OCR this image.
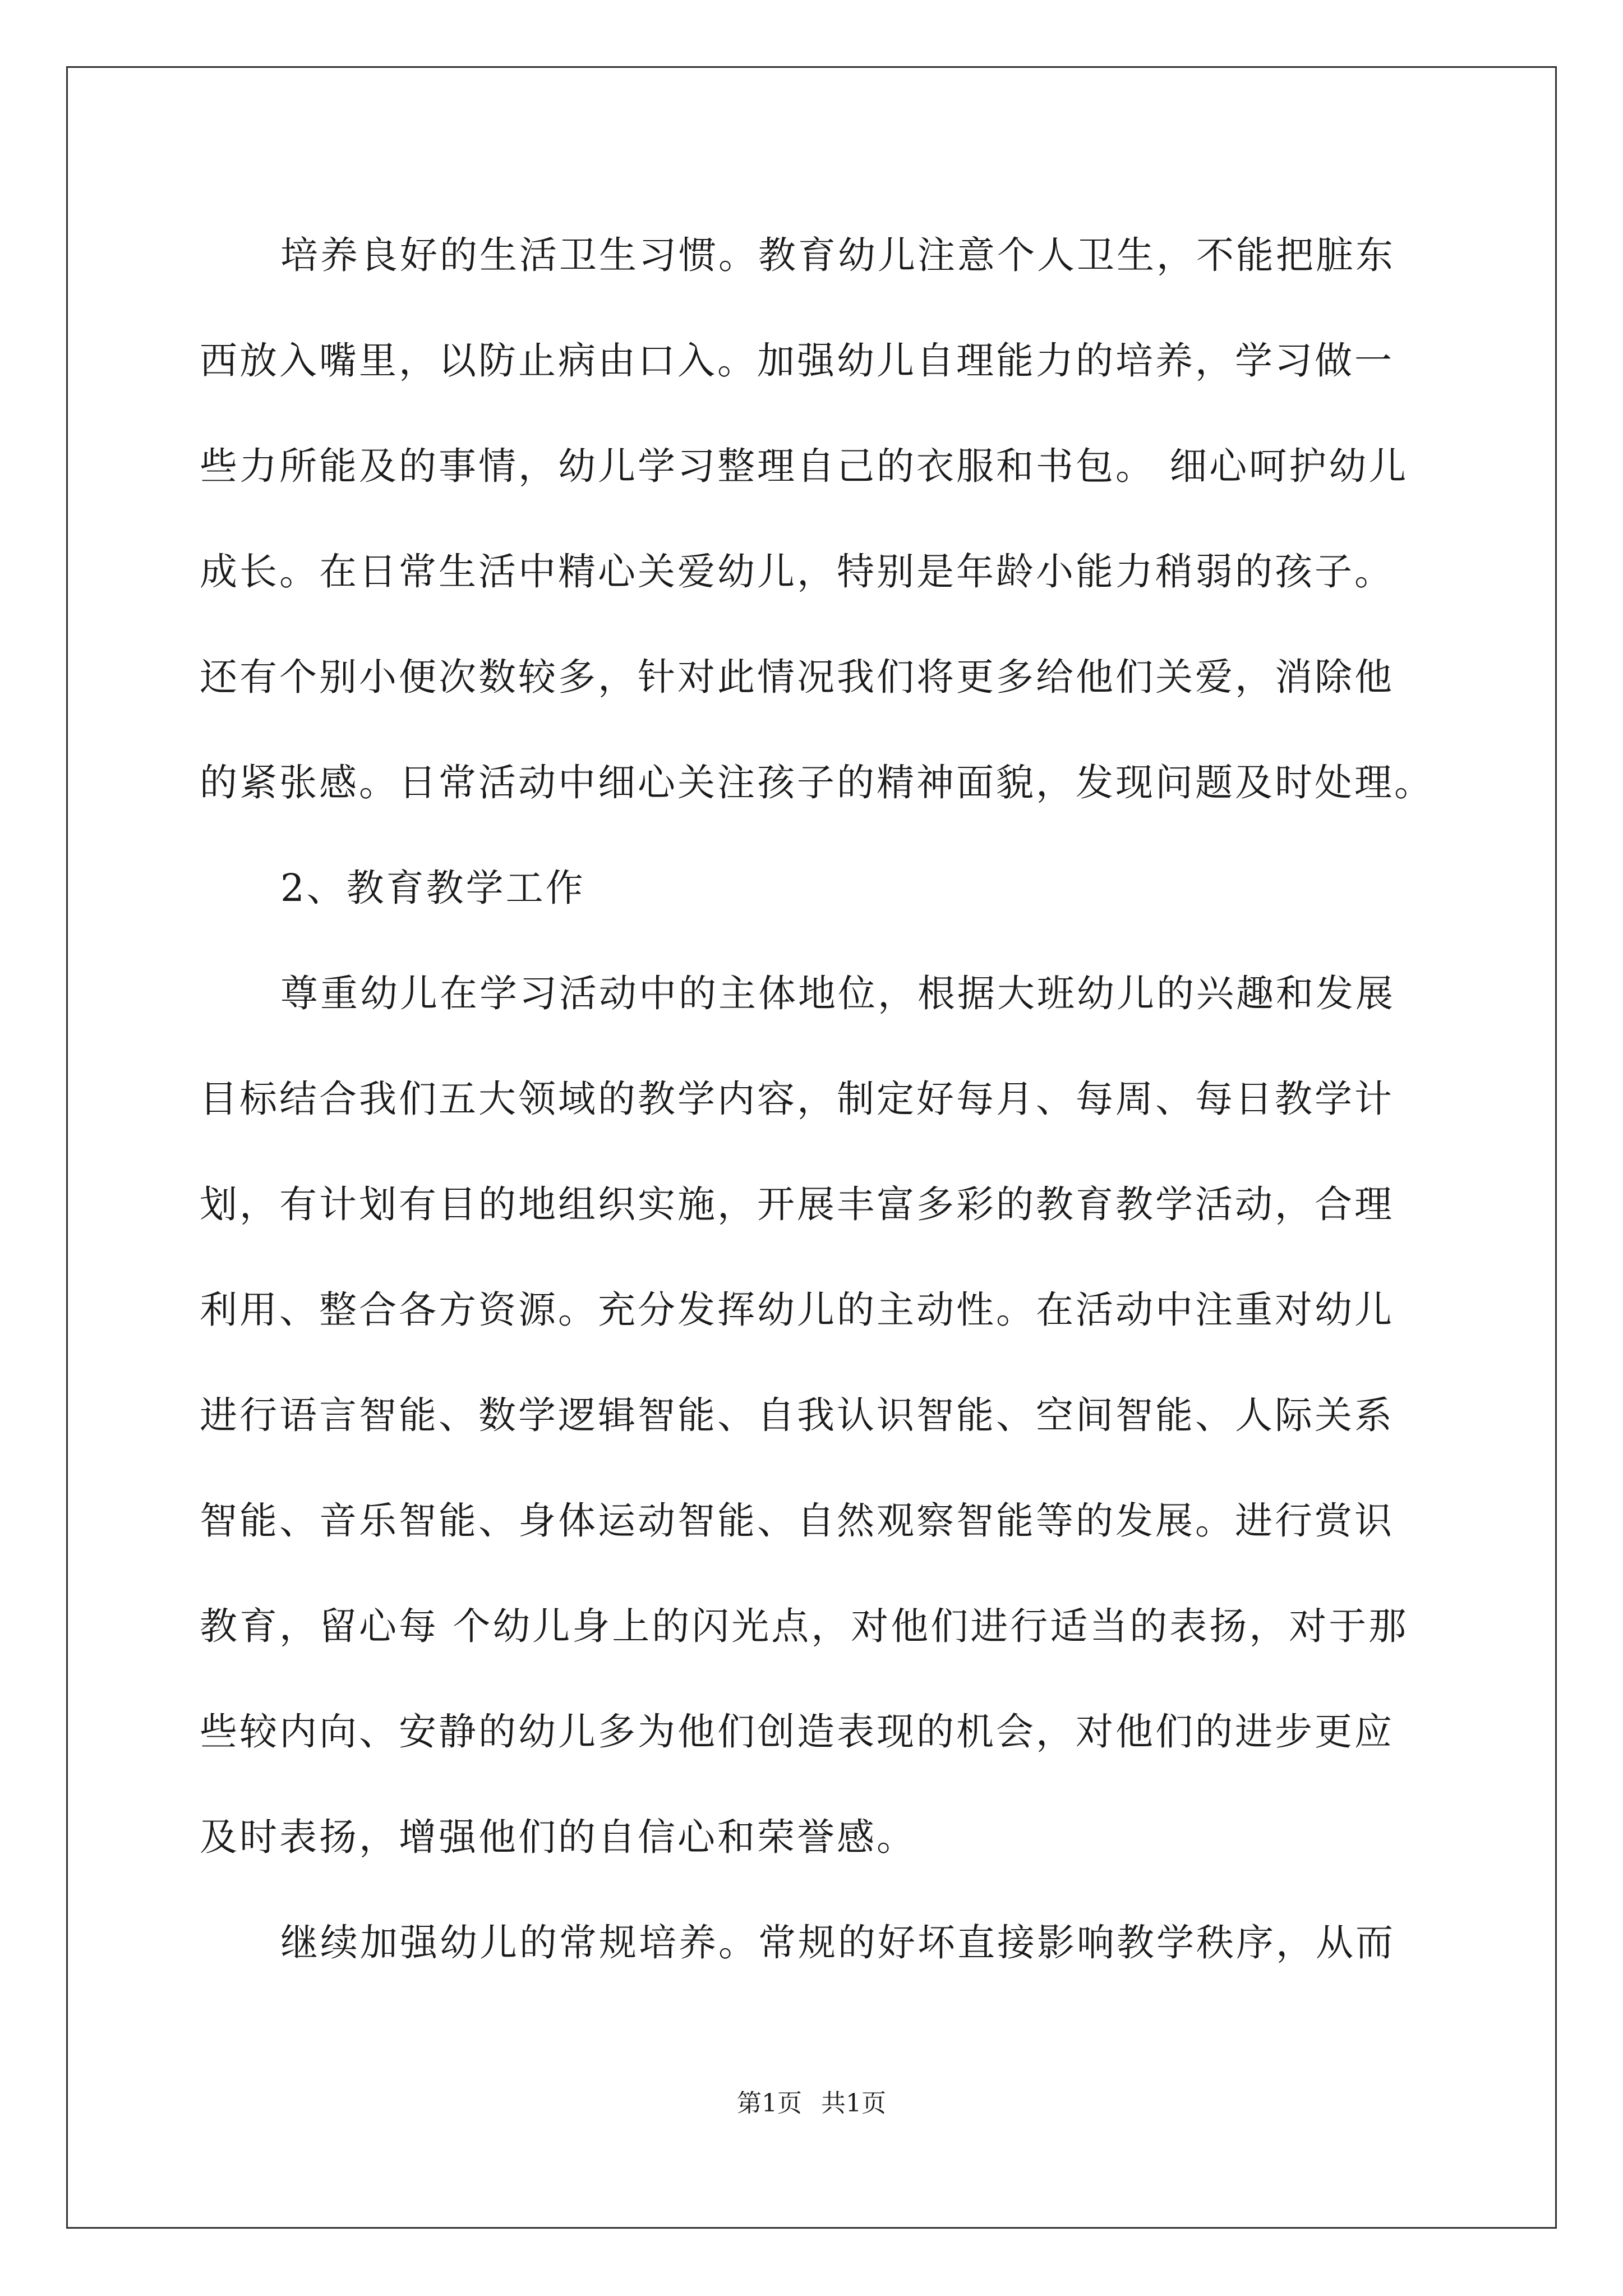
培养良好的生活卫生习惯。教育幼儿注意个人卫生，不能把脏东
西放入嘴里，以防止病由口入。加强幼儿自理能力的培养，学习做一
些力所能及的事情，幼儿学习整理自己的衣服和书包。 细心呵护幼儿
成长。在日常生活中精心关爱幼儿，特别是年龄小能力稍弱的孩子。
还有个别小便次数较多，针对此情况我们将更多给他们关爱，消除他
的紧张感。日常活动中细心关注孩子的精神面貌，发现问题及时处理。
2、教育教学工作
尊重幼儿在学习活动中的主体地位，根据大班幼儿的兴趣和发展
目标结合我们五大领域的教学内容，制定好每月、每周、每日教学计
划，有计划有目的地组织实施，开展丰富多彩的教育教学活动，合理
利用、整合各方资源。充分发挥幼儿的主动性。在活动中注重对幼儿
进行语言智能、数学逻辑智能、自我认识智能、空间智能、人际关系
智能、音乐智能、身体运动智能、自然观察智能等的发展。进行赏识
教育，留心每 个幼儿身上的闪光点，对他们进行适当的表扬，对于那
些较内向、安静的幼儿多为他们创造表现的机会，对他们的进步更应
及时表扬，增强他们的自信心和荣誉感。
继续加强幼儿的常规培养。常规的好坏直接影响教学秩序，从而
第1页 共1页
